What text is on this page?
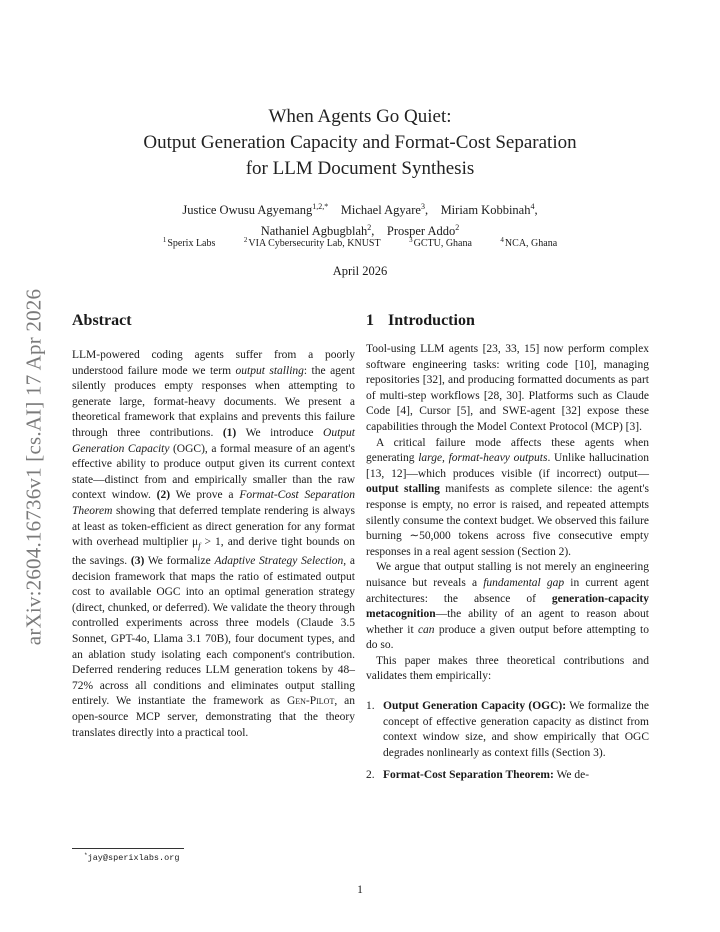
arXiv:2604.16736v1 [cs.AI] 17 Apr 2026
When Agents Go Quiet:
Output Generation Capacity and Format-Cost Separation
for LLM Document Synthesis
Justice Owusu Agyemang$^{1,2,*}$ Michael Agyare$^3$,    Miriam Kobbinah$^4$,
Nathaniel Agbugblah$^2$,    Prosper Addo$^2$
$^1$Sperix Labs	$^2$VIA Cybersecurity Lab, KNUST	$^3$GCTU, Ghana	$^4$NCA, Ghana
April 2026
Abstract

LLM-powered coding agents suffer from a poorly understood failure mode we term output stalling: the agent silently produces empty responses when attempting to generate large, format-heavy documents. We present a theoretical framework that explains and prevents this failure through three contributions. (1) We introduce Output Generation Capacity (OGC), a formal measure of an agent's effective ability to produce output given its current context state—distinct from and empirically smaller than the raw context window. (2) We prove a Format-Cost Separation Theorem showing that deferred template rendering is always at least as token-efficient as direct generation for any format with overhead multiplier $\mu_f > 1$, and derive tight bounds on the savings. (3) We formalize Adaptive Strategy Selection, a decision framework that maps the ratio of estimated output cost to available OGC into an optimal generation strategy (direct, chunked, or deferred). We validate the theory through controlled experiments across three models (Claude 3.5 Sonnet, GPT-4o, Llama 3.1 70B), four document types, and an ablation study isolating each component's contribution. Deferred rendering reduces LLM generation tokens by 48–72% across all conditions and eliminates output stalling entirely. We instantiate the framework as Gen-Pilot, an open-source MCP server, demonstrating that the theory translates directly into a practical tool.

1 Introduction

Tool-using LLM agents [23, 33, 15] now perform complex software engineering tasks: writing code [10], managing repositories [32], and producing formatted documents as part of multi-step workflows [28, 30]. Platforms such as Claude Code [4], Cursor [5], and SWE-agent [32] expose these capabilities through the Model Context Protocol (MCP) [3].

A critical failure mode affects these agents when generating large, format-heavy outputs. Unlike hallucination [13, 12]—which produces visible (if incorrect) output—output stalling manifests as complete silence: the agent's response is empty, no error is raised, and repeated attempts silently consume the context budget. We observed this failure burning ∼50,000 tokens across five consecutive empty responses in a real agent session (Section 2).

We argue that output stalling is not merely an engineering nuisance but reveals a fundamental gap in current agent architectures: the absence of generation-capacity metacognition—the ability of an agent to reason about whether it can produce a given output before attempting to do so.

This paper makes three theoretical contributions and validates them empirically:

1. Output Generation Capacity (OGC): We formalize the concept of effective generation capacity as distinct from context window size, and show empirically that OGC degrades nonlinearly as context fills (Section 3).
2. Format-Cost Separation Theorem: We de-
*jay@sperixlabs.org
1
